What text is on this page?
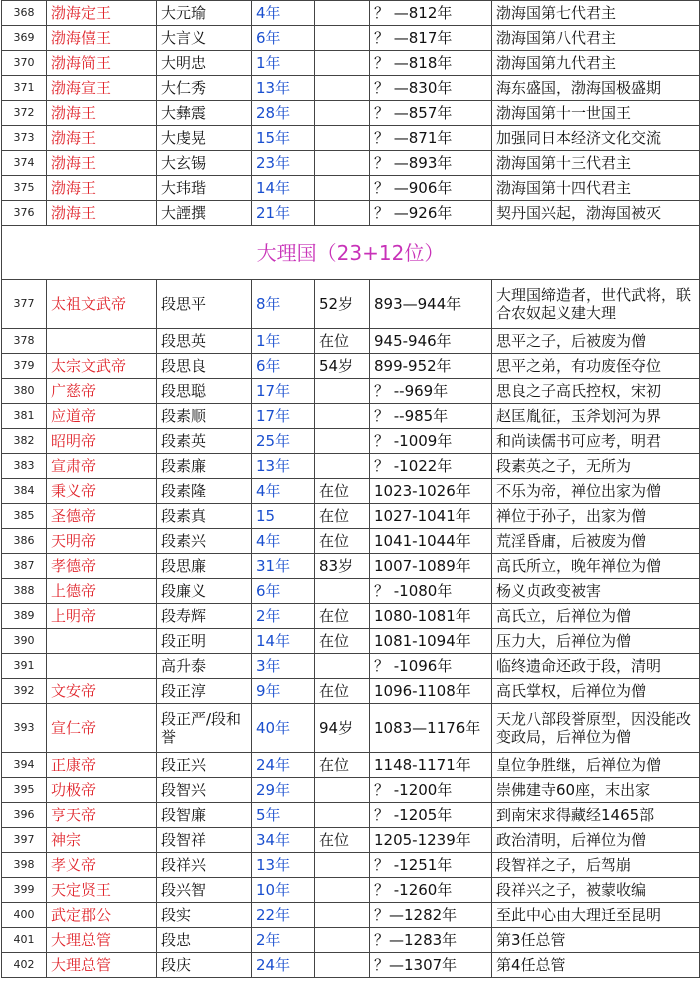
368	渤海定王	大元瑜	4年		？ —812年	渤海国第七代君主
369	渤海僖王	大言义	6年		？ —817年	渤海国第八代君主
370	渤海简王	大明忠	1年		？ —818年	渤海国第九代君主
371	渤海宣王	大仁秀	13年		？ —830年	海东盛国，渤海国极盛期
372	渤海王	大彝震	28年		？ —857年	渤海国第十一世国王
373	渤海王	大虔晃	15年		？ —871年	加强同日本经济文化交流
374	渤海王	大玄锡	23年		？ —893年	渤海国第十三代君主
375	渤海王	大玮瑎	14年		？ —906年	渤海国第十四代君主
376	渤海王	大諲撰	21年		？ —926年	契丹国兴起，渤海国被灭
大理国（23+12位）						
377	太祖文武帝	段思平	8年	52岁	893—944年	大理国缔造者，世代武将，联合农奴起义建大理
378		段思英	1年	在位	945-946年	思平之子，后被废为僧
379	太宗文武帝	段思良	6年	54岁	899-952年	思平之弟，有功废侄夺位
380	广慈帝	段思聪	17年		？ --969年	思良之子高氏控权，宋初
381	应道帝	段素顺	17年		？ --985年	赵匡胤征，玉斧划河为界
382	昭明帝	段素英	25年		？ -1009年	和尚读儒书可应考，明君
383	宣肃帝	段素廉	13年		？ -1022年	段素英之子，无所为
384	秉义帝	段素隆	4年	在位	1023-1026年	不乐为帝，禅位出家为僧
385	圣德帝	段素真	15	在位	1027-1041年	禅位于孙子，出家为僧
386	天明帝	段素兴	4年	在位	1041-1044年	荒淫昏庸，后被废为僧
387	孝德帝	段思廉	31年	83岁	1007-1089年	高氏所立，晚年禅位为僧
388	上德帝	段廉义	6年		？ -1080年	杨义贞政变被害
389	上明帝	段寿辉	2年	在位	1080-1081年	高氏立，后禅位为僧
390		段正明	14年	在位	1081-1094年	压力大，后禅位为僧
391		高升泰	3年		？ -1096年	临终遗命还政于段，清明
392	文安帝	段正淳	9年	在位	1096-1108年	高氏掌权，后禅位为僧
393	宣仁帝	段正严/段和誉	40年	94岁	1083—1176年	天龙八部段誉原型，因没能改变政局，后禅位为僧
394	正康帝	段正兴	24年	在位	1148-1171年	皇位争胜继，后禅位为僧
395	功极帝	段智兴	29年		？ -1200年	崇佛建寺60座，末出家
396	亨天帝	段智廉	5年		？ -1205年	到南宋求得藏经1465部
397	神宗	段智祥	34年	在位	1205-1239年	政治清明，后禅位为僧
398	孝义帝	段祥兴	13年		？ -1251年	段智祥之子，后驾崩
399	天定贤王	段兴智	10年		？ -1260年	段祥兴之子，被蒙收编
400	武定郡公	段实	22年		？—1282年	至此中心由大理迁至昆明
401	大理总管	段忠	2年		？—1283年	第3任总管
402	大理总管	段庆	24年		？—1307年	第4任总管
